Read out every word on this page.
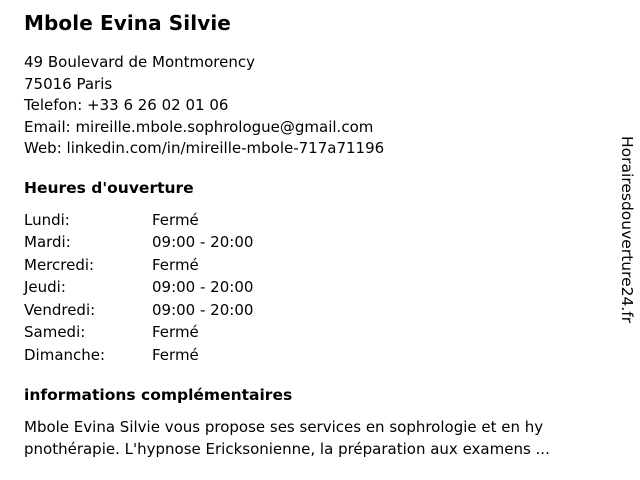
Mbole Evina Silvie
49 Boulevard de Montmorency
75016 Paris
Telefon: +33 6 26 02 01 06
Email: mireille.mbole.sophrologue@gmail.com
Web: linkedin.com/in/mireille-mbole-717a71196
Heures d'ouverture
Lundi:	Fermé
Mardi:	09:00 - 20:00
Mercredi:	Fermé
Jeudi:	09:00 - 20:00
Vendredi:	09:00 - 20:00
Samedi:	Fermé
Dimanche:	Fermé
informations complémentaires
Mbole Evina Silvie vous propose ses services en sophrologie et en hy
pnothérapie. L'hypnose Ericksonienne, la préparation aux examens ...
Horairesdouverture24.fr
